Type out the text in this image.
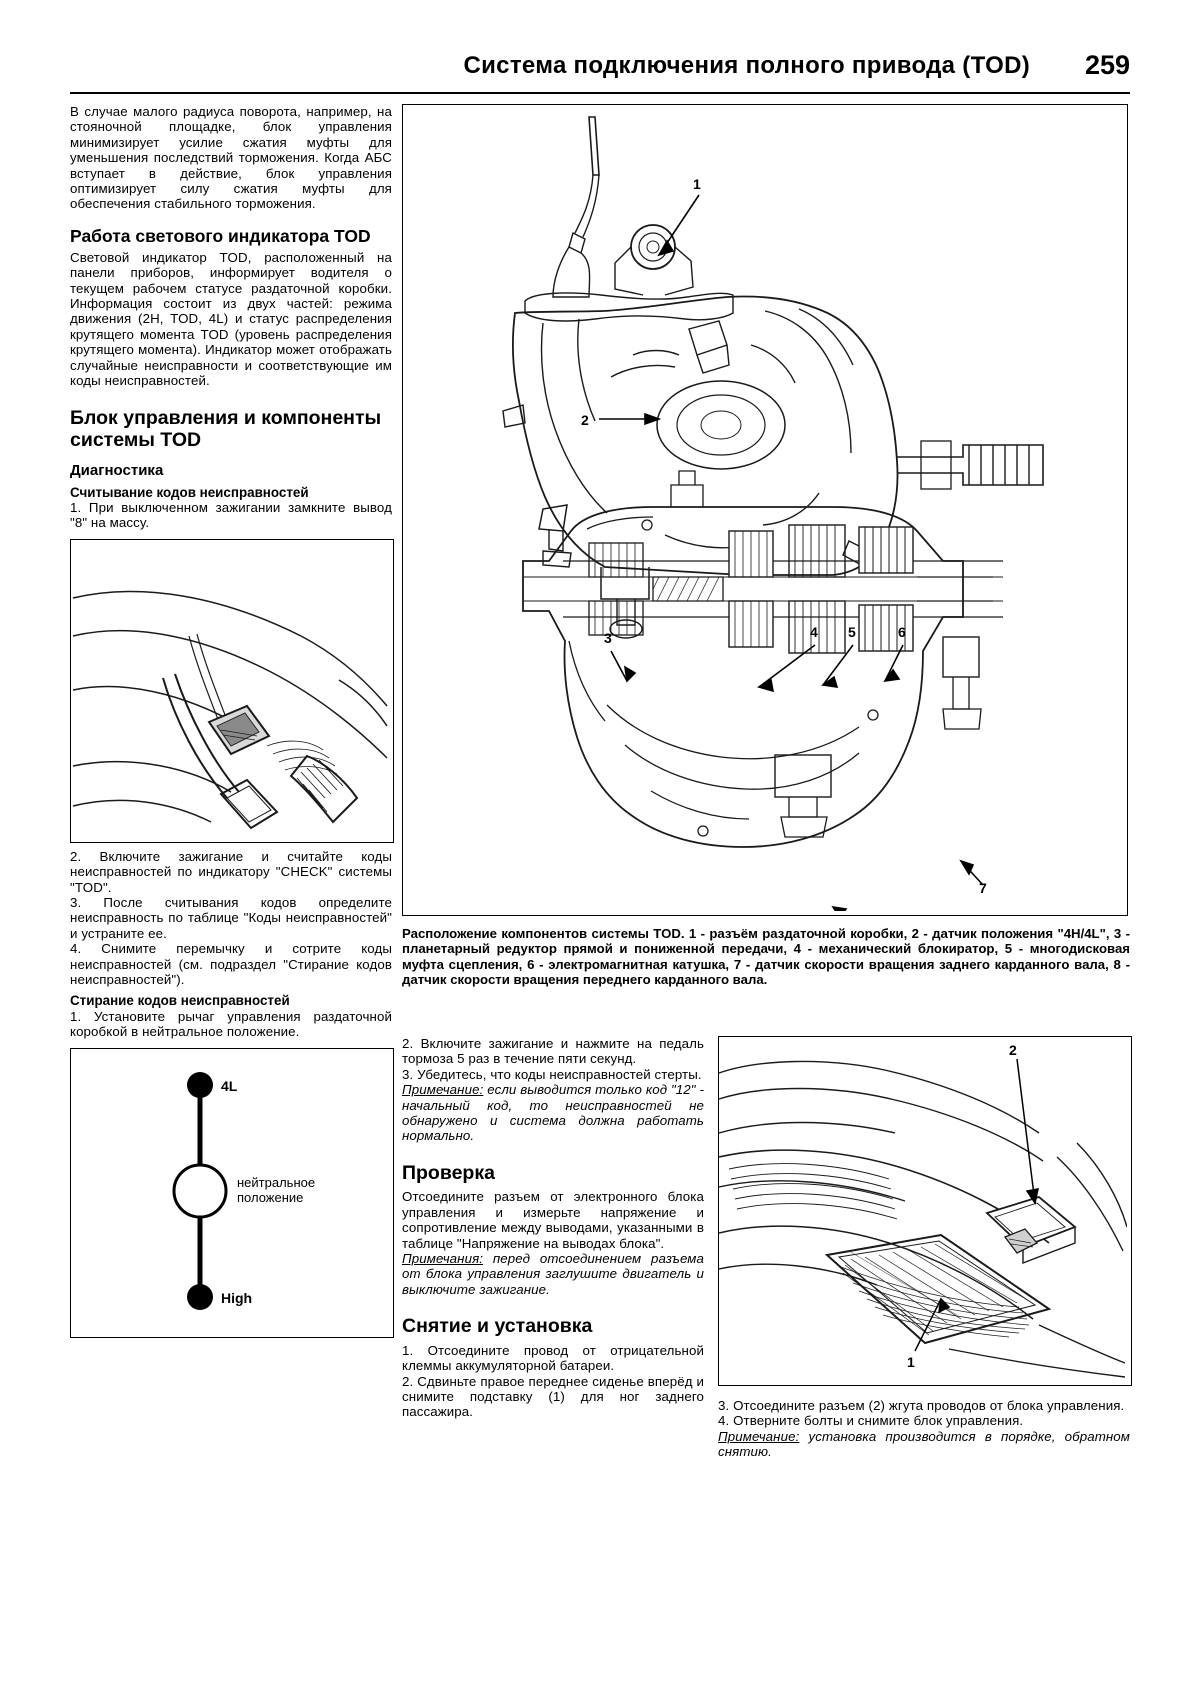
Система подключения полного привода (TOD) 259

В случае малого радиуса поворота, например, на стояночной площадке, блок управления минимизирует усилие сжатия муфты для уменьшения последствий торможения. Когда АБС вступает в действие, блок управления оптимизирует силу сжатия муфты для обеспечения стабильного торможения.

Работа светового индикатора TOD

Световой индикатор TOD, расположенный на панели приборов, информирует водителя о текущем рабочем статусе раздаточной коробки. Информация состоит из двух частей: режима движения (2H, TOD, 4L) и статус распределения крутящего момента TOD (уровень распределения крутящего момента). Индикатор может отображать случайные неисправности и соответствующие им коды неисправностей.

Блок управления и компоненты системы TOD
Диагностика
Считывание кодов неисправностей

1. При выключенном зажигании замкните вывод "8" на массу.

2. Включите зажигание и считайте коды неисправностей по индикатору "CHECK" системы "TOD".

3. После считывания кодов определите неисправность по таблице "Коды неисправностей" и устраните ее.

4. Снимите перемычку и сотрите коды неисправностей (см. подраздел "Стирание кодов неисправностей").

Стирание кодов неисправностей

1. Установите рычаг управления раздаточной коробкой в нейтральное положение.

4L
нейтральное
положение
High
1
2
3	4 5	6
7
Расположение компонентов системы TOD. 1 - разъём раздаточной коробки, 2 - датчик положения "4H/4L", 3 - планетарный редуктор прямой и пониженной передачи, 4 - механический блокиратор, 5 - многодисковая муфта сцепления, 6 - электромагнитная катушка, 7 - датчик скорости вращения заднего карданного вала, 8 - датчик скорости вращения переднего карданного вала.

2. Включите зажигание и нажмите на педаль тормоза 5 раз в течение пяти секунд.

3. Убедитесь, что коды неисправностей стерты.

Примечание: если выводится только код "12" - начальный код, то неисправностей не обнаружено и система должна работать нормально.

Проверка

Отсоедините разъем от электронного блока управления и измерьте напряжение и сопротивление между выводами, указанными в таблице "Напряжение на выводах блока".

Примечания: перед отсоединением разъема от блока управления заглушите двигатель и выключите зажигание.

Снятие и установка

1. Отсоедините провод от отрицательной клеммы аккумуляторной батареи.

2. Сдвиньте правое переднее сиденье вперёд и снимите подставку (1) для ног заднего пассажира.

2
1

3. Отсоедините разъем (2) жгута проводов от блока управления.

4. Отверните болты и снимите блок управления.

Примечание: установка производится в порядке, обратном снятию.
